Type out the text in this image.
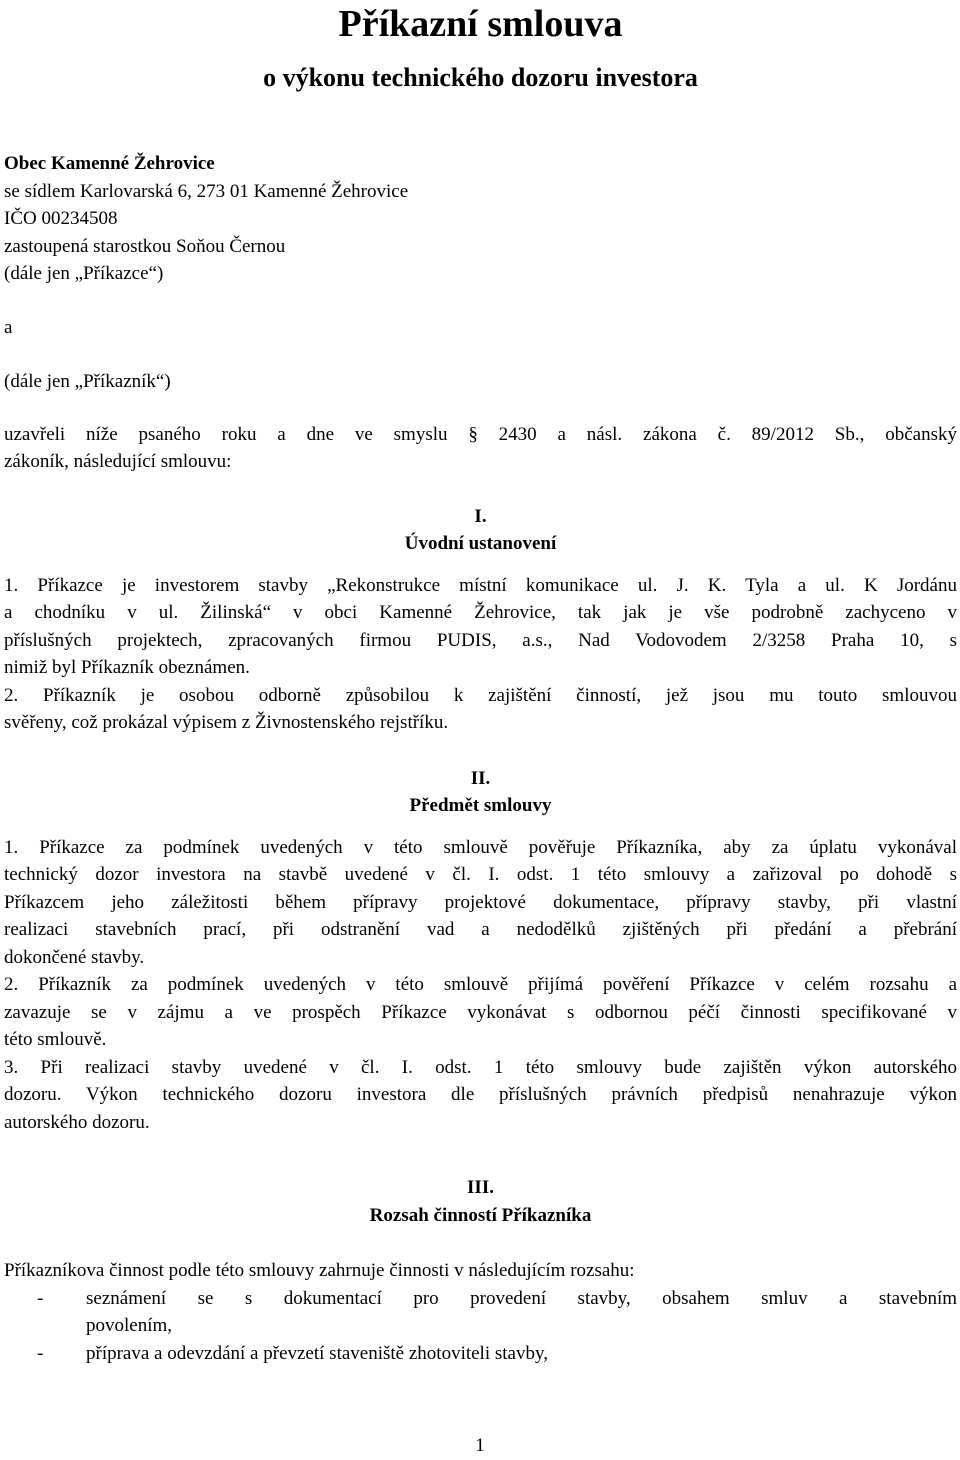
Příkazní smlouva
o výkonu technického dozoru investora
Obec Kamenné Žehrovice
se sídlem Karlovarská 6, 273 01 Kamenné Žehrovice
IČO 00234508
zastoupená starostkou Soňou Černou
(dále jen „Příkazce“)
a
(dále jen „Příkazník“)
uzavřeli níže psaného roku a dne ve smyslu § 2430 a násl. zákona č. 89/2012 Sb., občanský
zákoník, následující smlouvu:
I.
Úvodní ustanovení
1. Příkazce je investorem stavby „Rekonstrukce místní komunikace ul. J. K. Tyla a ul. K Jordánu
a chodníku v ul. Žilinská“ v obci Kamenné Žehrovice, tak jak je vše podrobně zachyceno v
příslušných projektech, zpracovaných firmou PUDIS, a.s., Nad Vodovodem 2/3258 Praha 10, s
nimiž byl Příkazník obeznámen.
2. Příkazník je osobou odborně způsobilou k zajištění činností, jež jsou mu touto smlouvou
svěřeny, což prokázal výpisem z Živnostenského rejstříku.
II.
Předmět smlouvy
1. Příkazce za podmínek uvedených v této smlouvě pověřuje Příkazníka, aby za úplatu vykonával
technický dozor investora na stavbě uvedené v čl. I. odst. 1 této smlouvy a zařizoval po dohodě s
Příkazcem jeho záležitosti během přípravy projektové dokumentace, přípravy stavby, při vlastní
realizaci stavebních prací, při odstranění vad a nedodělků zjištěných při předání a přebrání
dokončené stavby.
2. Příkazník za podmínek uvedených v této smlouvě přijímá pověření Příkazce v celém rozsahu a
zavazuje se v zájmu a ve prospěch Příkazce vykonávat s odbornou péčí činnosti specifikované v
této smlouvě.
3. Při realizaci stavby uvedené v čl. I. odst. 1 této smlouvy bude zajištěn výkon autorského
dozoru. Výkon technického dozoru investora dle příslušných právních předpisů nenahrazuje výkon
autorského dozoru.
III.
Rozsah činností Příkazníka
Příkazníkova činnost podle této smlouvy zahrnuje činnosti v následujícím rozsahu:
- seznámení se s dokumentací pro provedení stavby, obsahem smluv a stavebním
povolením,
- příprava a odevzdání a převzetí staveniště zhotoviteli stavby,
1
